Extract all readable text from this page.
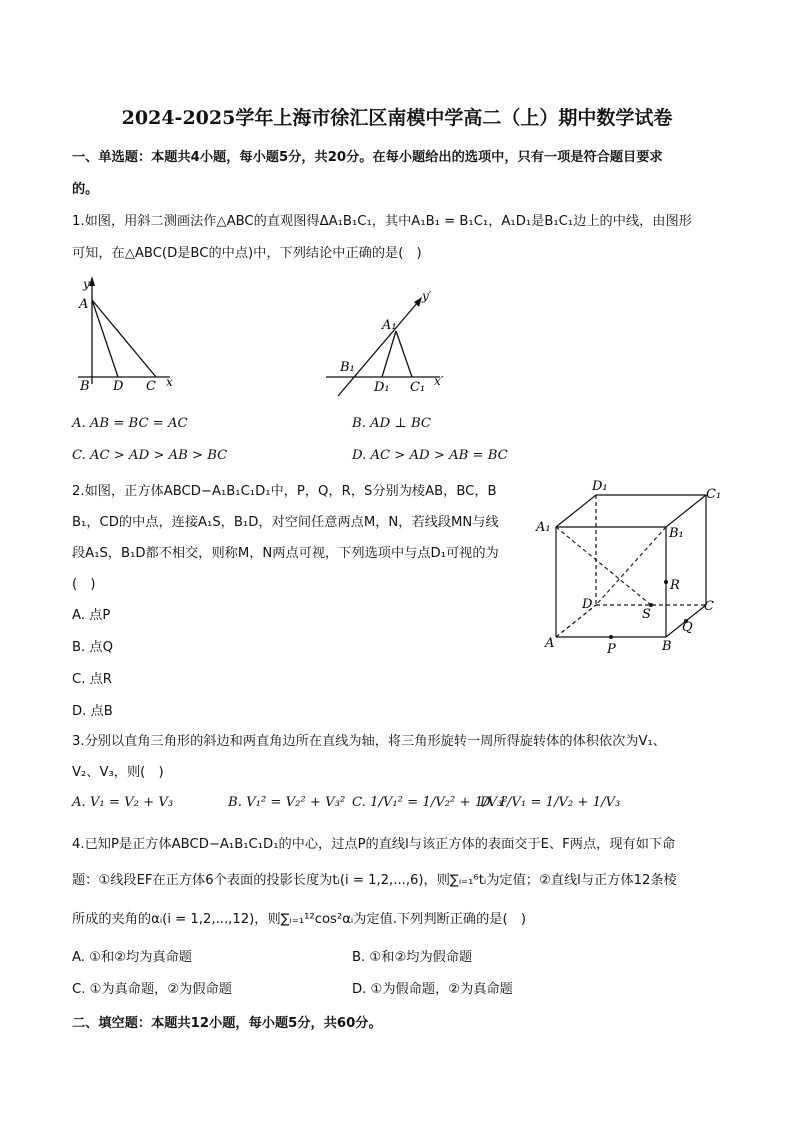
2024-2025学年上海市徐汇区南模中学高二（上）期中数学试卷
一、单选题：本题共4小题，每小题5分，共20分。在每小题给出的选项中，只有一项是符合题目要求
的。
1.如图，用斜二测画法作△ABC的直观图得ΔA₁B₁C₁，其中A₁B₁ = B₁C₁，A₁D₁是B₁C₁边上的中线，由图形
可知，在△ABC(D是BC的中点)中，下列结论中正确的是(　)
y
A
B D C x
y′
A₁
B₁
D₁ C₁ x′
A. AB = BC = AC	B. AD ⊥ BC
C. AC > AD > AB > BC	D. AC > AD > AB = BC
2.如图，正方体ABCD−A₁B₁C₁D₁中，P，Q，R，S分别为棱AB，BC，B
B₁，CD的中点，连接A₁S，B₁D，对空间任意两点M，N，若线段MN与线
段A₁S，B₁D都不相交，则称M，N两点可视，下列选项中与点D₁可视的为
(　)
A. 点P
B. 点Q
C. 点R
D. 点B
D₁
C₁
A₁	B₁
R
D
S
C
Q
A	P	B
3.分别以直角三角形的斜边和两直角边所在直线为轴，将三角形旋转一周所得旋转体的体积依次为V₁、
V₂、V₃，则(　)
A. V₁ = V₂ + V₃	B. V₁² = V₂² + V₃² C. 1/V₁² = 1/V₂² + 1/V₃²
D. 1/V₁ = 1/V₂ + 1/V₃
4.已知P是正方体ABCD−A₁B₁C₁D₁的中心，过点P的直线l与该正方体的表面交于E、F两点，现有如下命
题：①线段EF在正方体6个表面的投影长度为tᵢ(i = 1,2,...,6)，则∑ᵢ₌₁⁶tᵢ为定值；②直线l与正方体12条棱
所成的夹角的αᵢ(i = 1,2,...,12)，则∑ᵢ₌₁¹²cos²αᵢ为定值.下列判断正确的是(　)
A. ①和②均为真命题	B. ①和②均为假命题
C. ①为真命题，②为假命题	D. ①为假命题，②为真命题
二、填空题：本题共12小题，每小题5分，共60分。
